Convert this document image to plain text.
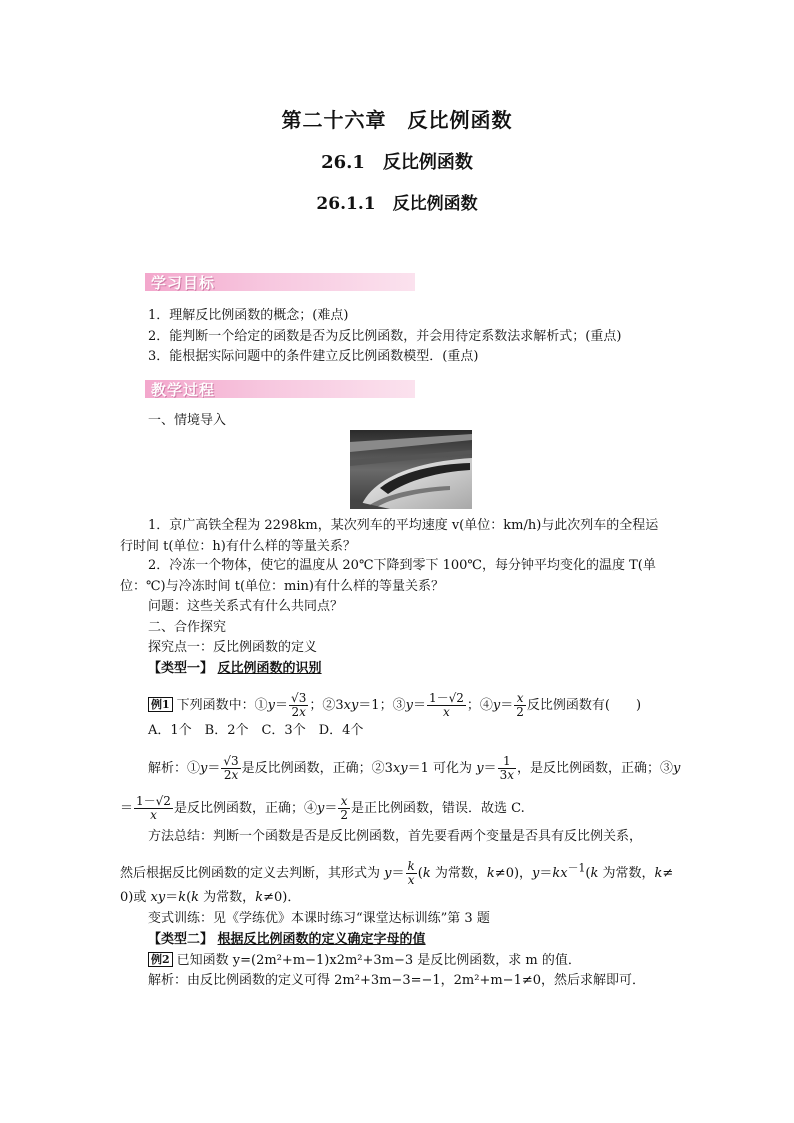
第二十六章　反比例函数
26.1　反比例函数
26.1.1　反比例函数
学习目标
1．理解反比例函数的概念；(难点)
2．能判断一个给定的函数是否为反比例函数，并会用待定系数法求解析式；(重点)
3．能根据实际问题中的条件建立反比例函数模型．(重点)
教学过程
一、情境导入
1．京广高铁全程为 2298km，某次列车的平均速度 v(单位：km/h)与此次列车的全程运
行时间 t(单位：h)有什么样的等量关系？
2．冷冻一个物体，使它的温度从 20℃下降到零下 100℃，每分钟平均变化的温度 T(单
位：℃)与冷冻时间 t(单位：min)有什么样的等量关系？
问题：这些关系式有什么共同点？
二、合作探究
探究点一：反比例函数的定义
【类型一】 反比例函数的识别
例1 下列函数中：①y＝ $\frac{√3}{2x}$ ；②3xy＝1；③y＝ $\frac{1-√2}{x}$ ；④y＝ $\frac{x}{2}$ 反比例函数有(　　)
A．1个　B．2个　C．3个　D．4个
解析：①y＝ $\frac{√3}{2x}$ 是反比例函数，正确；②3xy＝1 可化为 $y= \frac{1}{3x}$ ，是反比例函数，正确；③y
＝ $\frac{1-√2}{x}$ 是反比例函数，正确；④y＝ $\frac{x}{2}$ 是正比例函数，错误．故选 C.
方法总结：判断一个函数是否是反比例函数，首先要看两个变量是否具有反比例关系，
然后根据反比例函数的定义去判断，其形式为 $y= \frac{k}{x} (k$ 为常数，k≠0)，$y=kx^{-1}(k$ 为常数，k≠
0)或 xy＝k(k 为常数，k≠0)．
变式训练：见《学练优》本课时练习“课堂达标训练”第 3 题
【类型二】 根据反比例函数的定义确定字母的值
例2 已知函数 y=(2m²+m−1)x2m²+3m−3 是反比例函数，求 m 的值．
解析：由反比例函数的定义可得 2m²+3m−3=−1，2m²+m−1≠0，然后求解即可．
